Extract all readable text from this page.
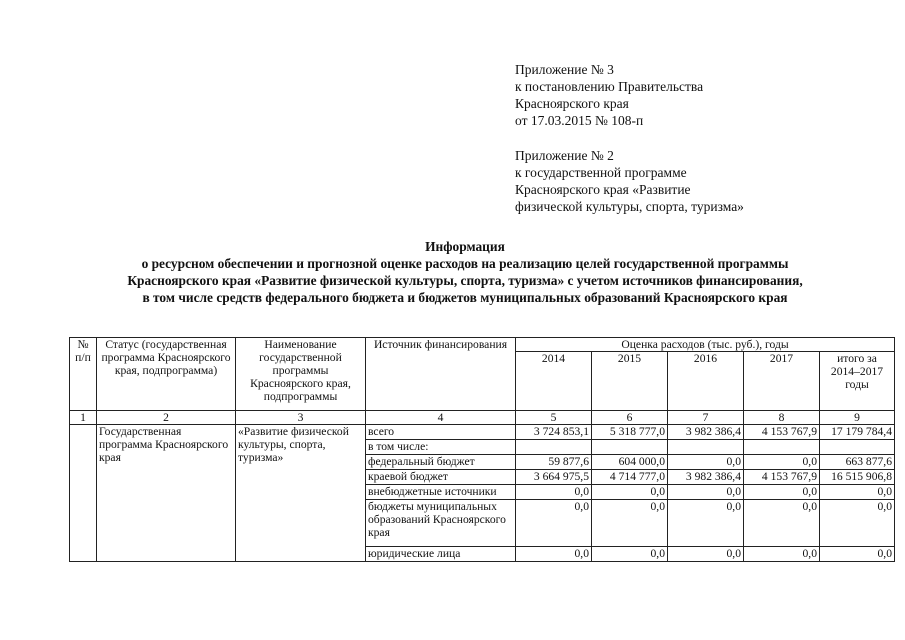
Приложение № 3
к постановлению Правительства
Красноярского края
от 17.03.2015 № 108-п
Приложение № 2
к государственной программе
Красноярского края «Развитие
физической культуры, спорта, туризма»
Информация
о ресурсном обеспечении и прогнозной оценке расходов на реализацию целей государственной программы
Красноярского края «Развитие физической культуры, спорта, туризма» с учетом источников финансирования,
в том числе средств федерального бюджета и бюджетов муниципальных образований Красноярского края
№ п/п	Статус (государственная программа Красноярского края, подпрограмма)	Наименование государственной программы Красноярского края, подпрограммы	Источник финансирования	Оценка расходов (тыс. руб.), годы				
				2014	2015	2016	2017	итого за 2014–2017 годы
1	2	3	4	5	6	7	8	9
	Государственная программа Красноярского края	«Развитие физической культуры, спорта, туризма»	всего	3 724 853,1	5 318 777,0	3 982 386,4	4 153 767,9	17 179 784,4
			в том числе:					
			федеральный бюджет	59 877,6	604 000,0	0,0	0,0	663 877,6
			краевой бюджет	3 664 975,5	4 714 777,0	3 982 386,4	4 153 767,9	16 515 906,8
			внебюджетные источники	0,0	0,0	0,0	0,0	0,0
			бюджеты муниципальных образований Красноярского края	0,0	0,0	0,0	0,0	0,0
			юридические лица	0,0	0,0	0,0	0,0	0,0
